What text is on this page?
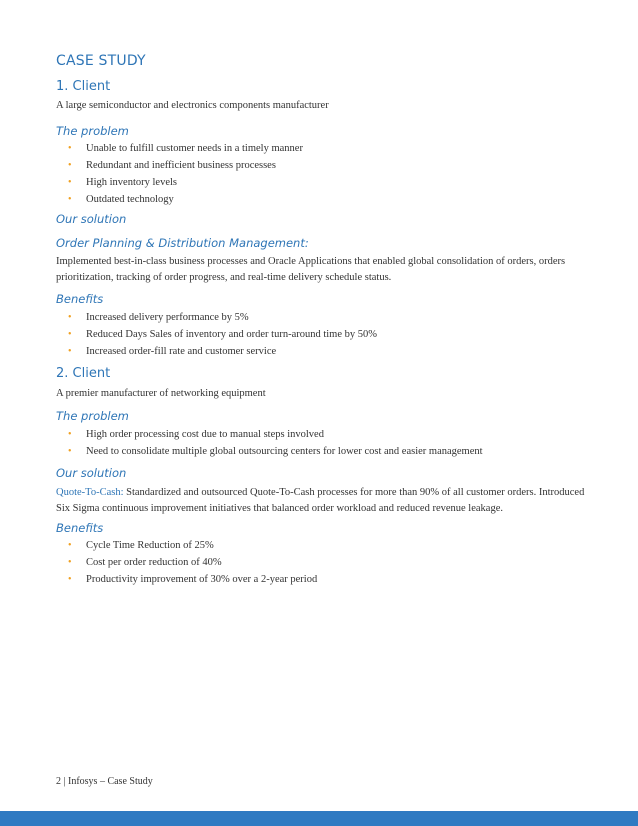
CASE STUDY
1. Client
A large semiconductor and electronics components manufacturer
The problem
• Unable to fulfill customer needs in a timely manner
• Redundant and inefficient business processes
• High inventory levels
• Outdated technology
Our solution
Order Planning & Distribution Management:
Implemented best-in-class business processes and Oracle Applications that enabled global consolidation of orders, orders prioritization, tracking of order progress, and real-time delivery schedule status.
Benefits
• Increased delivery performance by 5%
• Reduced Days Sales of inventory and order turn-around time by 50%
• Increased order-fill rate and customer service
2. Client
A premier manufacturer of networking equipment
The problem
• High order processing cost due to manual steps involved
• Need to consolidate multiple global outsourcing centers for lower cost and easier management
Our solution
Quote-To-Cash: Standardized and outsourced Quote-To-Cash processes for more than 90% of all customer orders. Introduced Six Sigma continuous improvement initiatives that balanced order workload and reduced revenue leakage.
Benefits
• Cycle Time Reduction of 25%
• Cost per order reduction of 40%
• Productivity improvement of 30% over a 2-year period
2 | Infosys – Case Study
